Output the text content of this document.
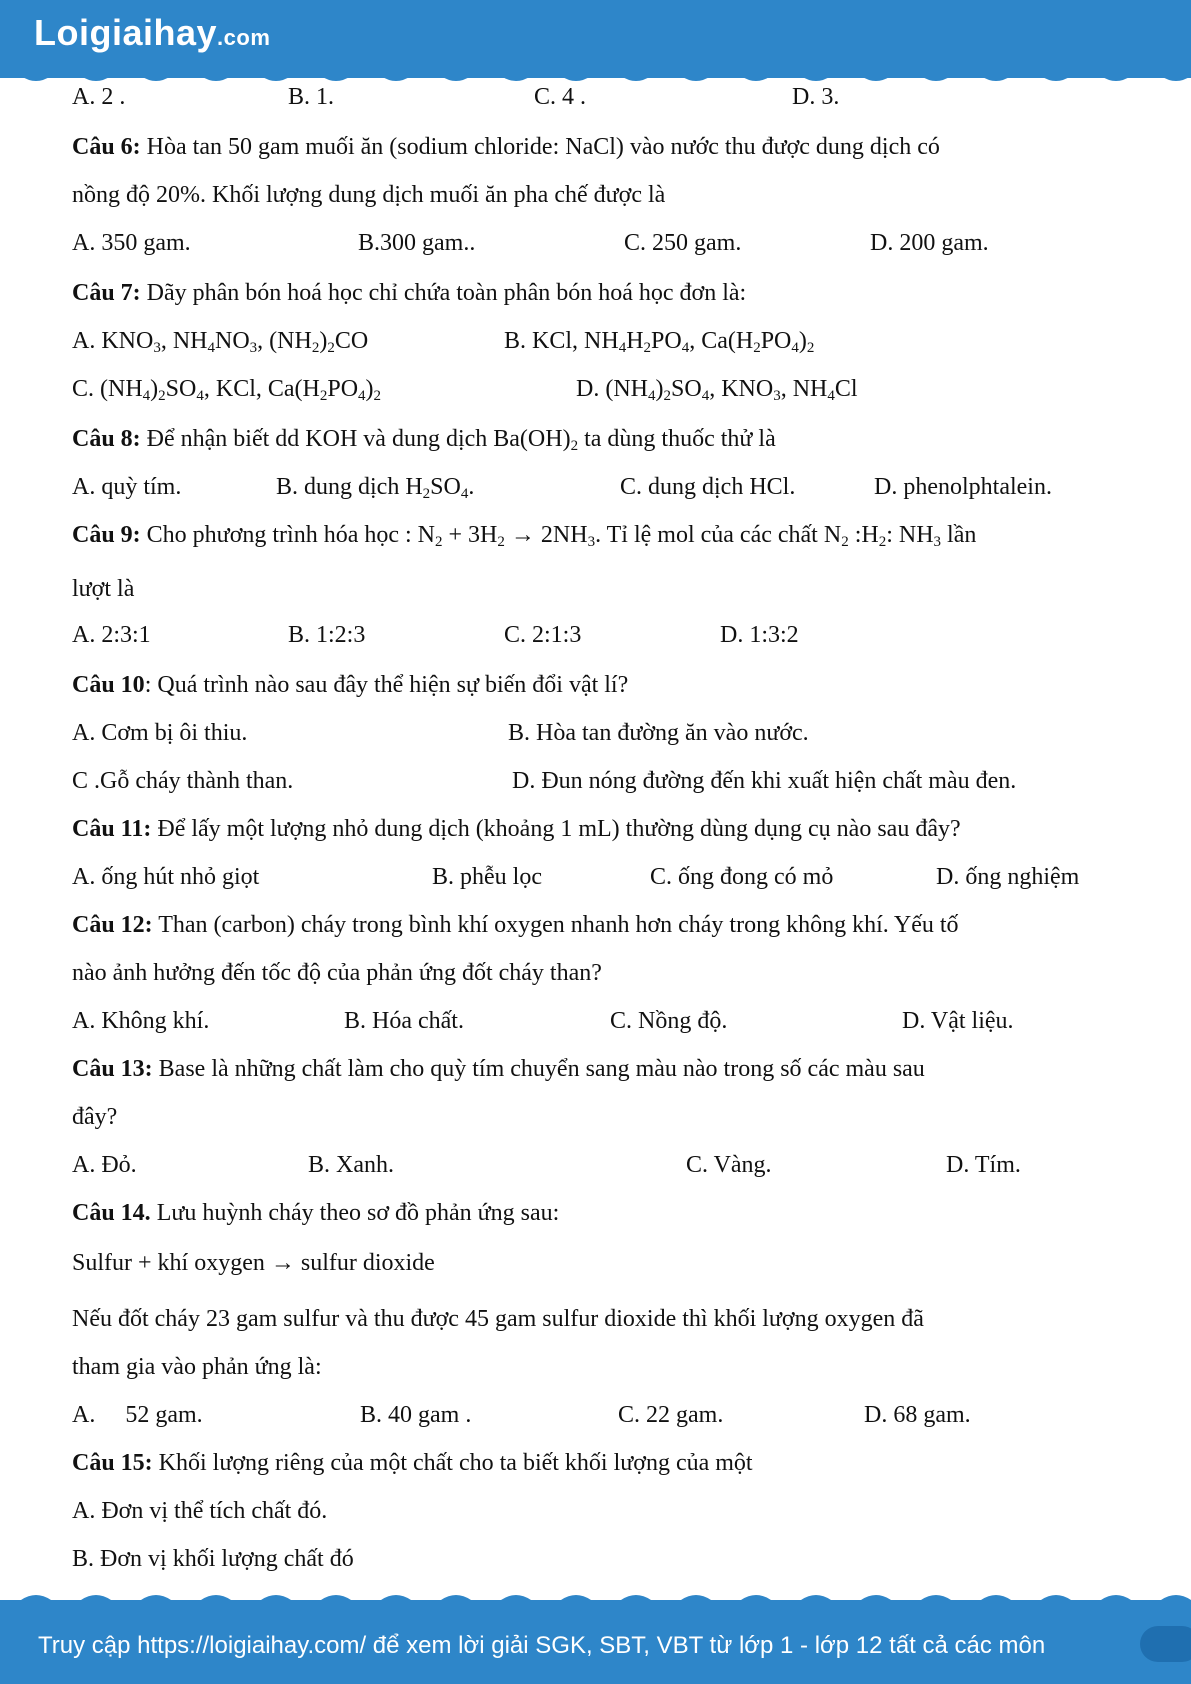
Loigiaihay.com
A. 2 .	B. 1.	C. 4 .	D. 3.
Câu 6: Hòa tan 50 gam muối ăn (sodium chloride: NaCl) vào nước thu được dung dịch có
nồng độ 20%. Khối lượng dung dịch muối ăn pha chế được là
A. 350 gam.	B.300 gam..	C. 250 gam.	D. 200 gam.
Câu 7: Dãy phân bón hoá học chỉ chứa toàn phân bón hoá học đơn là:
A. $KNO_3$, $NH_4NO_3$, $(NH_2)_2CO$	B. KCl, $NH_4H_2PO_4$, $Ca(H_2PO_4)_2$
C. $(NH_4)_2SO_4$, KCl, $Ca(H_2PO_4)_2$	D. $(NH_4)_2SO_4$, $KNO_3$, $NH_4Cl$
Câu 8: Để nhận biết dd KOH và dung dịch $Ba(OH)_2$ ta dùng thuốc thử là
A. quỳ tím.	B. dung dịch $H_2SO_4$.	C. dung dịch HCl.	D. phenolphtalein.
Câu 9: Cho phương trình hóa học : $N_2 + 3H_2 \to 2NH_3$. Tỉ lệ mol của các chất $N_2$ $:H_2$: $NH_3$ lần
lượt là
A. 2:3:1	B. 1:2:3	C. 2:1:3	D. 1:3:2
Câu 10: Quá trình nào sau đây thể hiện sự biến đổi vật lí?
A. Cơm bị ôi thiu.	B. Hòa tan đường ăn vào nước.
C .Gỗ cháy thành than.	D. Đun nóng đường đến khi xuất hiện chất màu đen.
Câu 11: Để lấy một lượng nhỏ dung dịch (khoảng 1 mL) thường dùng dụng cụ nào sau đây?
A. ống hút nhỏ giọt	B. phễu lọc	C. ống đong có mỏ	D. ống nghiệm
Câu 12: Than (carbon) cháy trong bình khí oxygen nhanh hơn cháy trong không khí. Yếu tố
nào ảnh hưởng đến tốc độ của phản ứng đốt cháy than?
A. Không khí.	B. Hóa chất.	C. Nồng độ.	D. Vật liệu.
Câu 13: Base là những chất làm cho quỳ tím chuyển sang màu nào trong số các màu sau
đây?
A. Đỏ.	B. Xanh.	C. Vàng.	D. Tím.
Câu 14. Lưu huỳnh cháy theo sơ đồ phản ứng sau:
Sulfur + khí oxygen → sulfur dioxide
Nếu đốt cháy 23 gam sulfur và thu được 45 gam sulfur dioxide thì khối lượng oxygen đã
tham gia vào phản ứng là:
A.     52 gam.	B. 40 gam .	C. 22 gam.	D. 68 gam.
Câu 15: Khối lượng riêng của một chất cho ta biết khối lượng của một
A. Đơn vị thể tích chất đó.
B. Đơn vị khối lượng chất đó
Truy cập https://loigiaihay.com/ để xem lời giải SGK, SBT, VBT từ lớp 1 - lớp 12 tất cả các môn
